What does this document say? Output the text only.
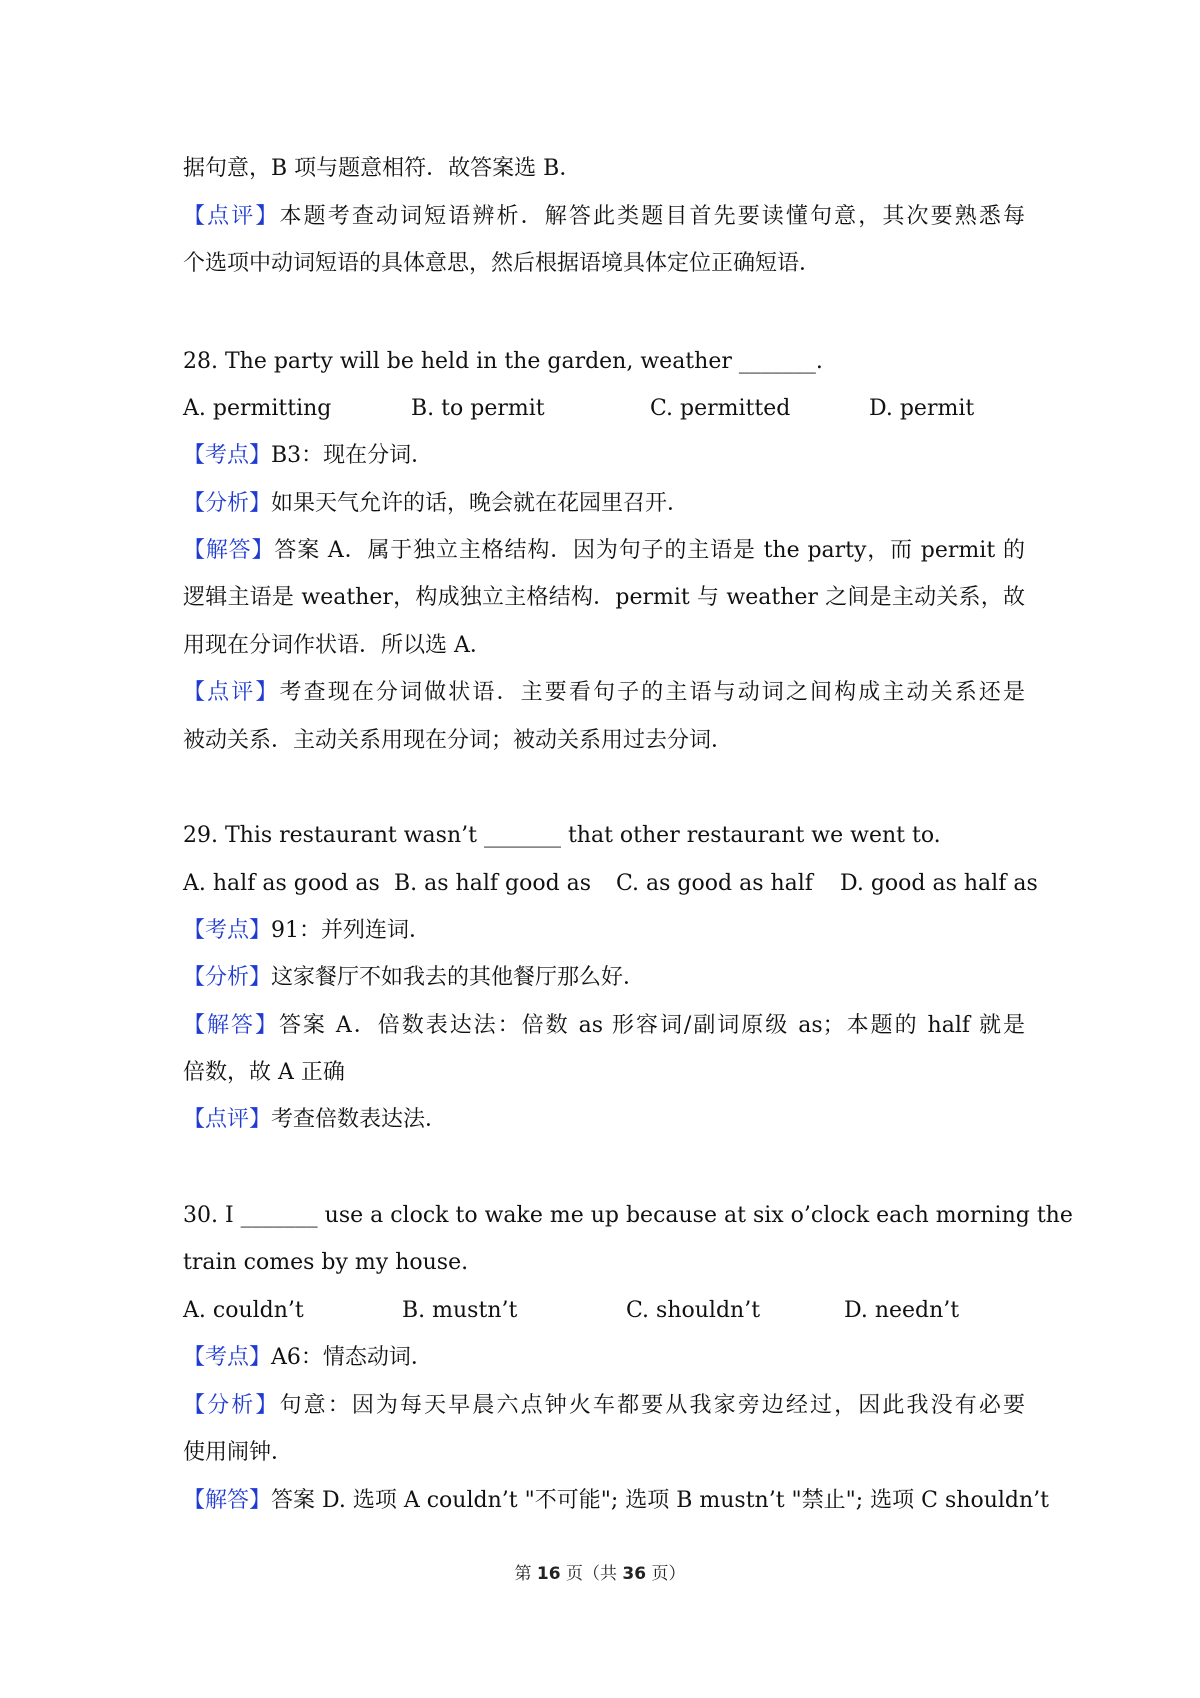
据句意，B 项与题意相符．故答案选 B．
【点评】本题考查动词短语辨析．解答此类题目首先要读懂句意，其次要熟悉每
个选项中动词短语的具体意思，然后根据语境具体定位正确短语．
28. The party will be held in the garden, weather _______.
A. permitting	B. to permit	C. permitted	D. permit
【考点】B3：现在分词．
【分析】如果天气允许的话，晚会就在花园里召开．
【解答】答案 A．属于独立主格结构．因为句子的主语是 the party，而 permit 的
逻辑主语是 weather，构成独立主格结构．permit 与 weather 之间是主动关系，故
用现在分词作状语．所以选 A．
【点评】考查现在分词做状语．主要看句子的主语与动词之间构成主动关系还是
被动关系．主动关系用现在分词；被动关系用过去分词．
29. This restaurant wasn’t _______ that other restaurant we went to.
A. half as good as B. as half good as C. as good as half D. good as half as
【考点】91：并列连词．
【分析】这家餐厅不如我去的其他餐厅那么好．
【解答】答案 A．倍数表达法：倍数 as 形容词/副词原级 as；本题的 half 就是
倍数，故 A 正确
【点评】考查倍数表达法．
30. I _______ use a clock to wake me up because at six o’clock each morning the
train comes by my house.
A. couldn’t	B. mustn’t	C. shouldn’t	D. needn’t
【考点】A6：情态动词．
【分析】句意：因为每天早晨六点钟火车都要从我家旁边经过，因此我没有必要
使用闹钟．
【解答】答案 D. 选项 A couldn’t "不可能"; 选项 B mustn’t "禁止"; 选项 C shouldn’t
第 16 页（共 36 页）
